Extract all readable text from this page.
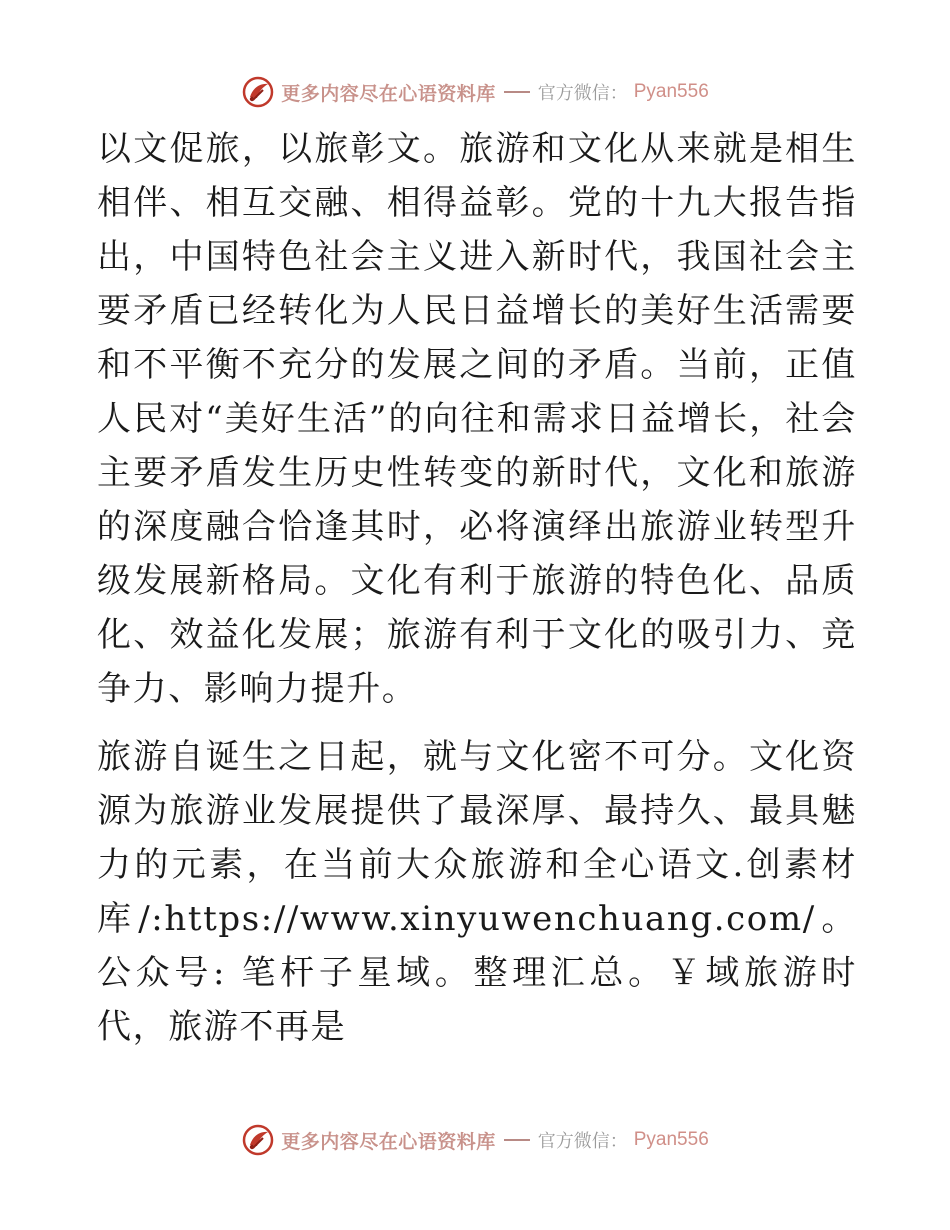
更多内容尽在心语资料库 官方微信： Pyan556

以文促旅，以旅彰文。旅游和文化从来就是相生相伴、相互交融、相得益彰。党的十九大报告指出，中国特色社会主义进入新时代，我国社会主要矛盾已经转化为人民日益增长的美好生活需要和不平衡不充分的发展之间的矛盾。当前，正值人民对“美好生活”的向往和需求日益增长，社会主要矛盾发生历史性转变的新时代，文化和旅游的深度融合恰逢其时，必将演绎出旅游业转型升级发展新格局。文化有利于旅游的特色化、品质化、效益化发展；旅游有利于文化的吸引力、竞争力、影响力提升。

旅游自诞生之日起，就与文化密不可分。文化资源为旅游业发展提供了最深厚、最持久、最具魅力的元素，在当前大众旅游和全心语文.创素材库/:https://www.xinyuwenchuang.com/。公众号: 笔杆子星域。整理汇总。￥域旅游时代，旅游不再是

更多内容尽在心语资料库 官方微信： Pyan556
